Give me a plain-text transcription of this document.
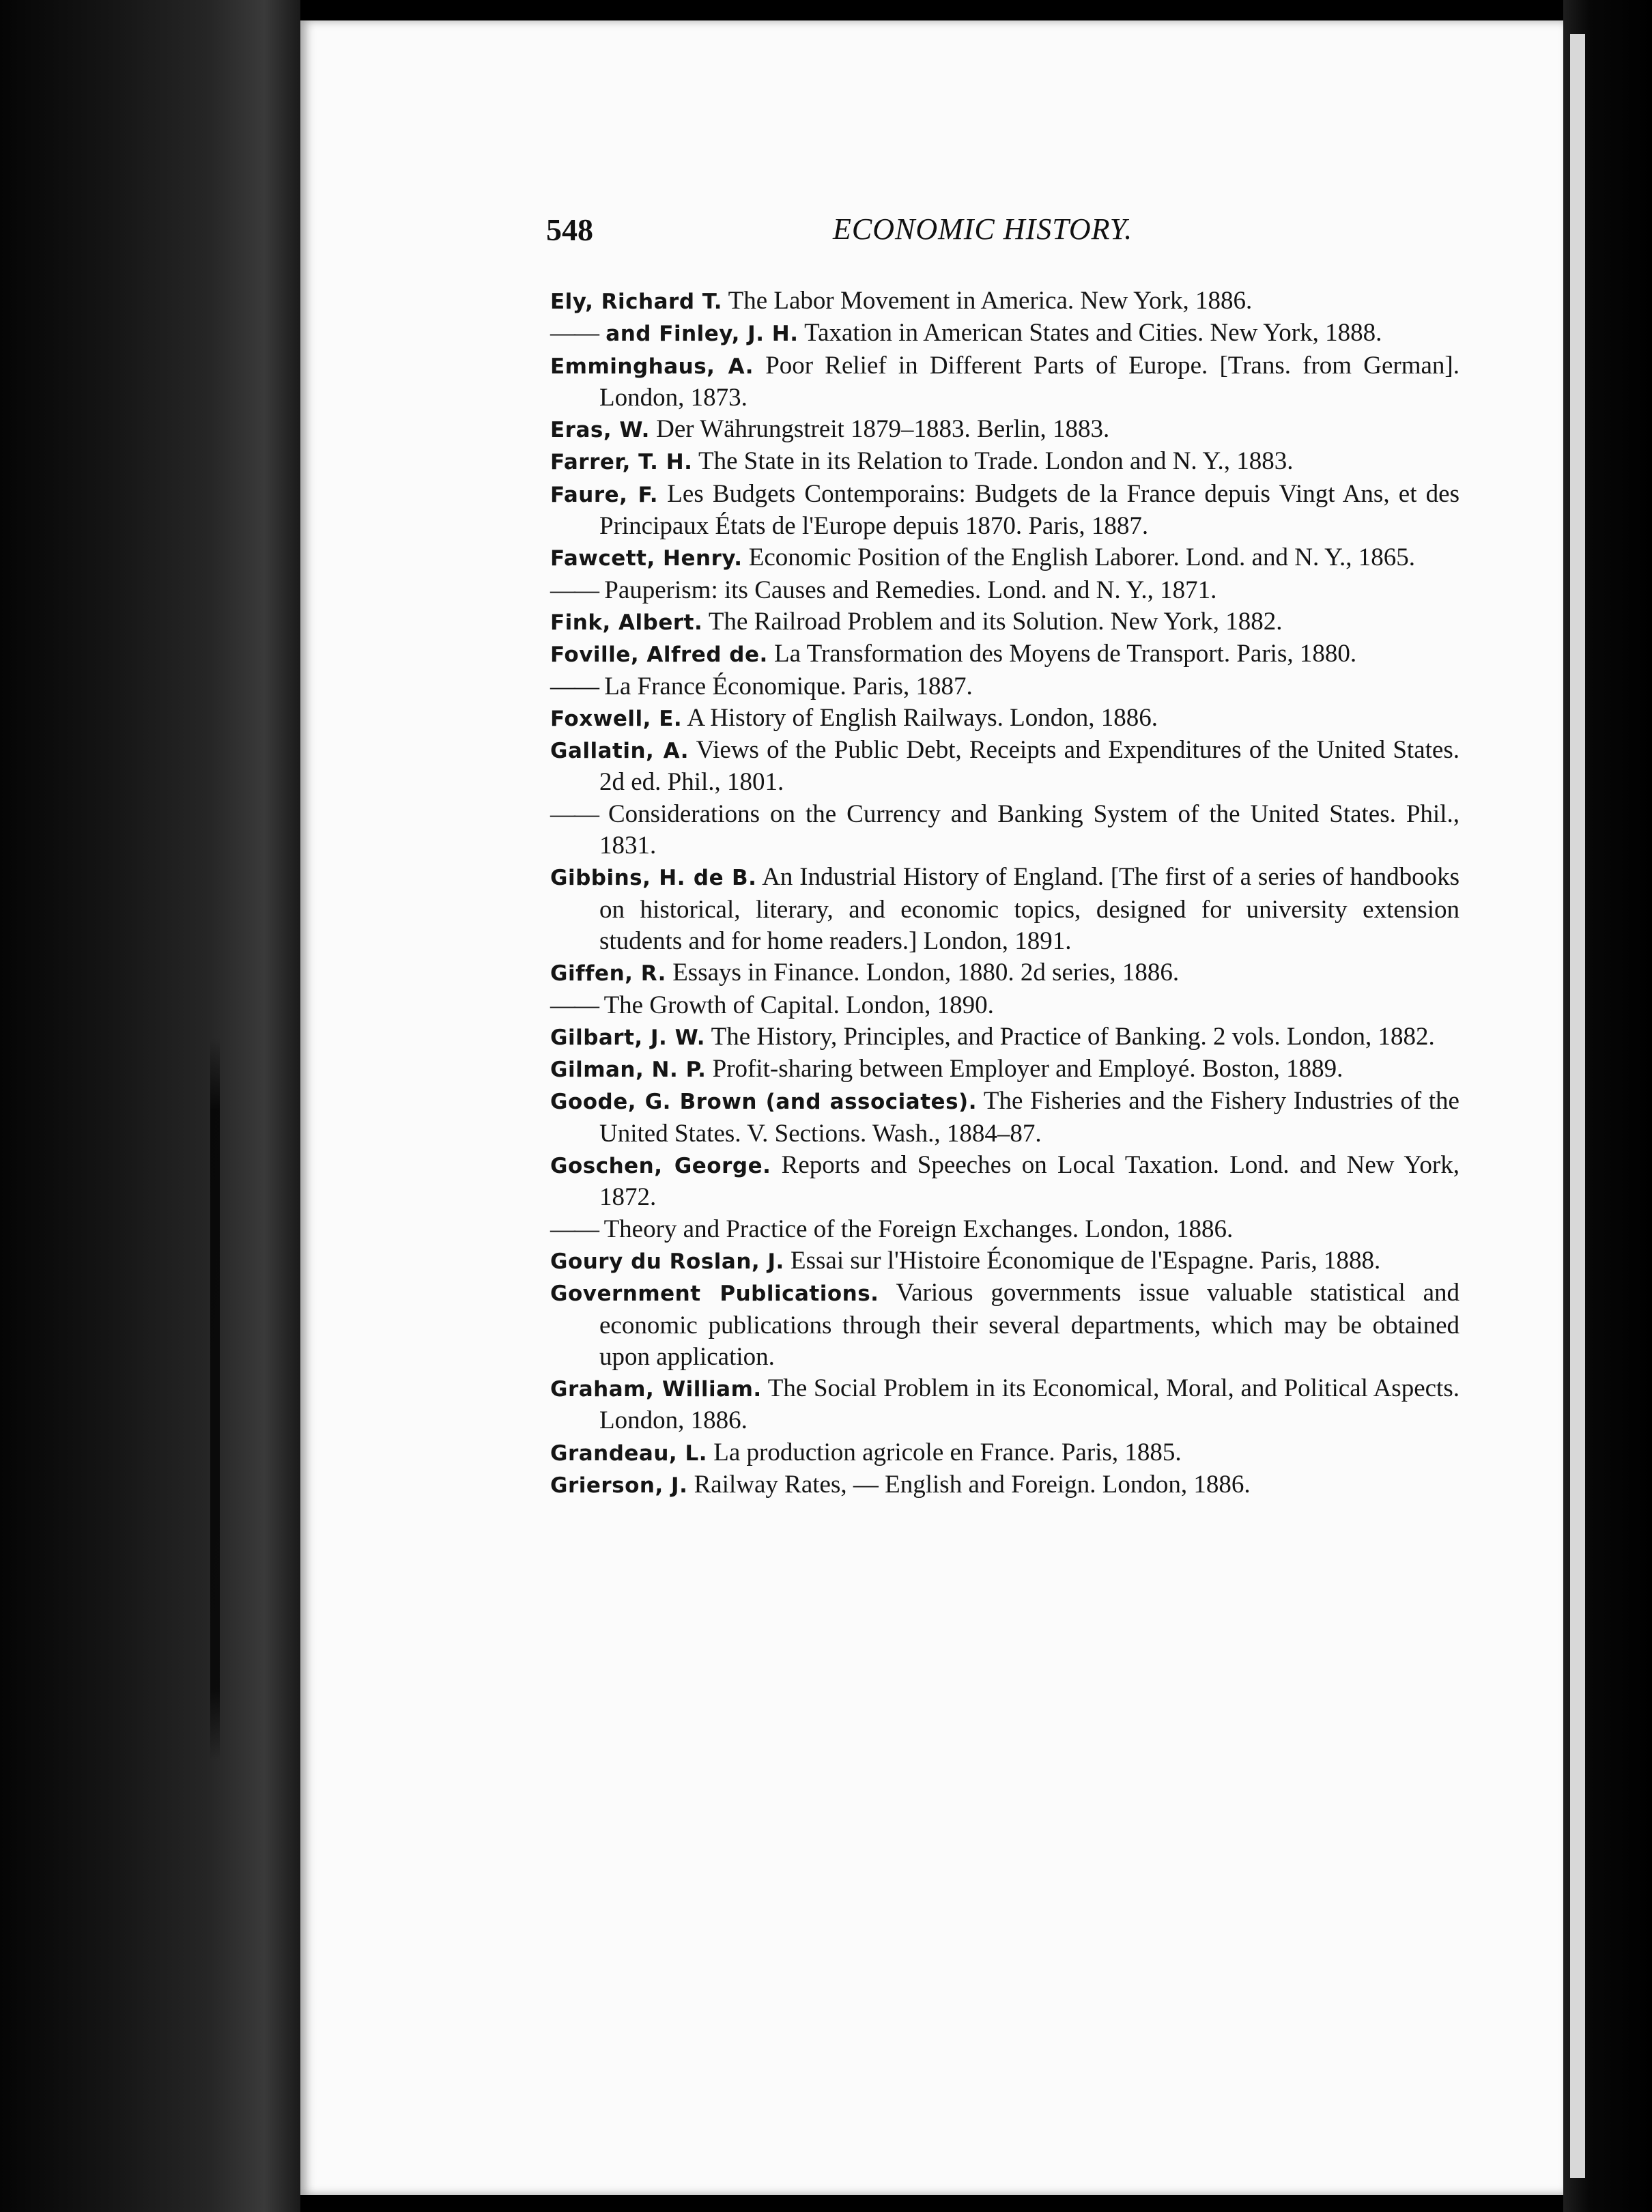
548	ECONOMIC HISTORY.

Ely, Richard T. The Labor Movement in America. New York, 1886.

—— and Finley, J. H. Taxation in American States and Cities. New York, 1888.

Emminghaus, A. Poor Relief in Different Parts of Europe. [Trans. from German]. London, 1873.

Eras, W. Der Währungstreit 1879–1883. Berlin, 1883.

Farrer, T. H. The State in its Relation to Trade. London and N. Y., 1883.

Faure, F. Les Budgets Contemporains: Budgets de la France depuis Vingt Ans, et des Principaux États de l'Europe depuis 1870. Paris, 1887.

Fawcett, Henry. Economic Position of the English Laborer. Lond. and N. Y., 1865.

—— Pauperism: its Causes and Remedies. Lond. and N. Y., 1871.

Fink, Albert. The Railroad Problem and its Solution. New York, 1882.

Foville, Alfred de. La Transformation des Moyens de Transport. Paris, 1880.

—— La France Économique. Paris, 1887.

Foxwell, E. A History of English Railways. London, 1886.

Gallatin, A. Views of the Public Debt, Receipts and Expenditures of the United States. 2d ed. Phil., 1801.

—— Considerations on the Currency and Banking System of the United States. Phil., 1831.

Gibbins, H. de B. An Industrial History of England. [The first of a series of handbooks on historical, literary, and economic topics, designed for university extension students and for home readers.] London, 1891.

Giffen, R. Essays in Finance. London, 1880. 2d series, 1886.

—— The Growth of Capital. London, 1890.

Gilbart, J. W. The History, Principles, and Practice of Banking. 2 vols. London, 1882.

Gilman, N. P. Profit-sharing between Employer and Employé. Boston, 1889.

Goode, G. Brown (and associates). The Fisheries and the Fishery Industries of the United States. V. Sections. Wash., 1884–87.

Goschen, George. Reports and Speeches on Local Taxation. Lond. and New York, 1872.

—— Theory and Practice of the Foreign Exchanges. London, 1886.

Goury du Roslan, J. Essai sur l'Histoire Économique de l'Espagne. Paris, 1888.

Government Publications. Various governments issue valuable statistical and economic publications through their several departments, which may be obtained upon application.

Graham, William. The Social Problem in its Economical, Moral, and Political Aspects. London, 1886.

Grandeau, L. La production agricole en France. Paris, 1885.

Grierson, J. Railway Rates, — English and Foreign. London, 1886.
